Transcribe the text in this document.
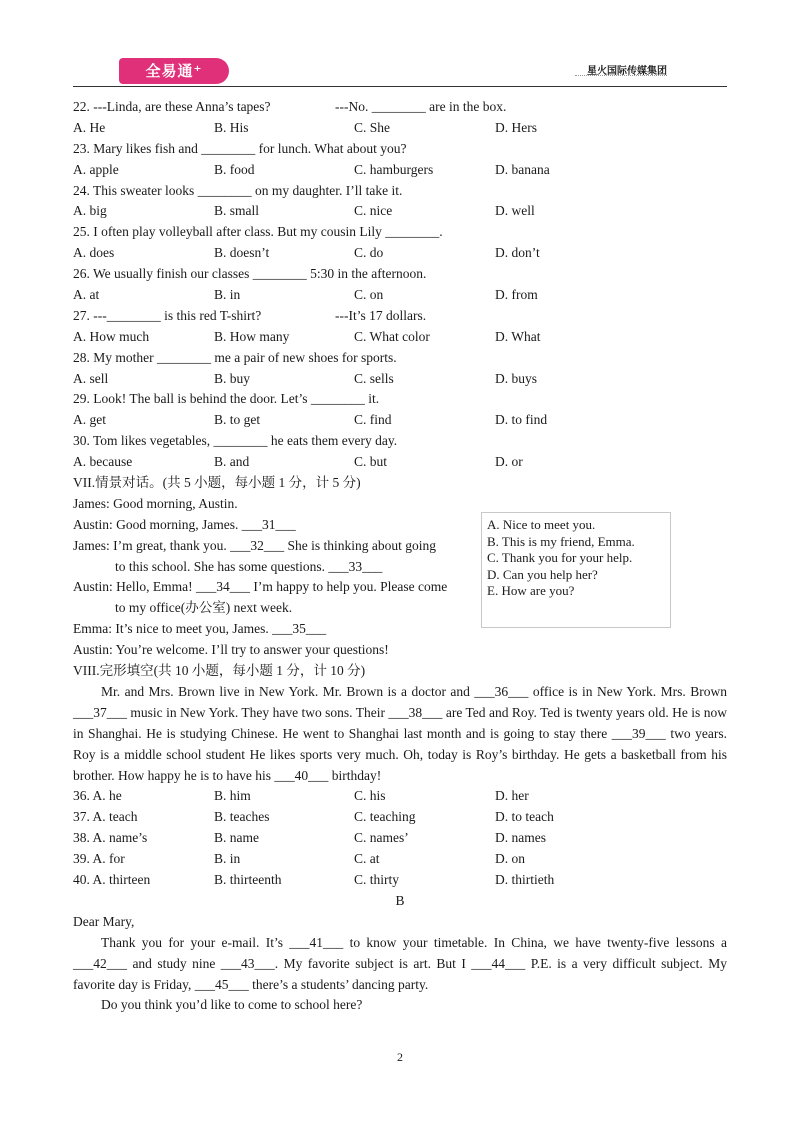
全易通⁺	星火国际传媒集团
22. ---Linda, are these Anna’s tapes?	---No. ________ are in the box.
A. He	B. His	C. She	D. Hers
23. Mary likes fish and ________ for lunch. What about you?
A. apple	B. food	C. hamburgers	D. banana
24. This sweater looks ________ on my daughter. I’ll take it.
A. big	B. small	C. nice	D. well
25. I often play volleyball after class. But my cousin Lily ________.
A. does	B. doesn’t	C. do	D. don’t
26. We usually finish our classes ________ 5:30 in the afternoon.
A. at	B. in	C. on	D. from
27. ---________ is this red T-shirt?	---It’s 17 dollars.
A. How much	B. How many	C. What color	D. What
28. My mother ________ me a pair of new shoes for sports.
A. sell	B. buy	C. sells	D. buys
29. Look! The ball is behind the door. Let’s ________ it.
A. get	B. to get	C. find	D. to find
30. Tom likes vegetables, ________ he eats them every day.
A. because	B. and	C. but	D. or
VII.情景对话。(共 5 小题，每小题 1 分，计 5 分)
James: Good morning, Austin.
Austin: Good morning, James. ___31___
James: I’m great, thank you. ___32___ She is thinking about going
to this school. She has some questions. ___33___
Austin: Hello, Emma! ___34___ I’m happy to help you. Please come
to my office(办公室) next week.
Emma: It’s nice to meet you, James. ___35___
Austin: You’re welcome. I’ll try to answer your questions!
VIII.完形填空(共 10 小题，每小题 1 分，计 10 分)
Mr. and Mrs. Brown live in New York. Mr. Brown is a doctor and ___36___ office is in New York. Mrs. Brown ___37___ music in New York. They have two sons. Their ___38___ are Ted and Roy. Ted is twenty years old. He is now in Shanghai. He is studying Chinese. He went to Shanghai last month and is going to stay there ___39___ two years. Roy is a middle school student He likes sports very much. Oh, today is Roy’s birthday. He gets a basketball from his brother. How happy he is to have his ___40___ birthday!
36. A. he	B. him	C. his	D. her
37. A. teach	B. teaches	C. teaching	D. to teach
38. A. name’s	B. name	C. names’	D. names
39. A. for	B. in	C. at	D. on
40. A. thirteen	B. thirteenth	C. thirty	D. thirtieth
B
Dear Mary,
Thank you for your e-mail. It’s ___41___ to know your timetable. In China, we have twenty-five lessons a ___42___ and study nine ___43___. My favorite subject is art. But I ___44___ P.E. is a very difficult subject. My favorite day is Friday, ___45___ there’s a students’ dancing party.
Do you think you’d like to come to school here?
A. Nice to meet you.
B. This is my friend, Emma.
C. Thank you for your help.
D. Can you help her?
E. How are you?
2
